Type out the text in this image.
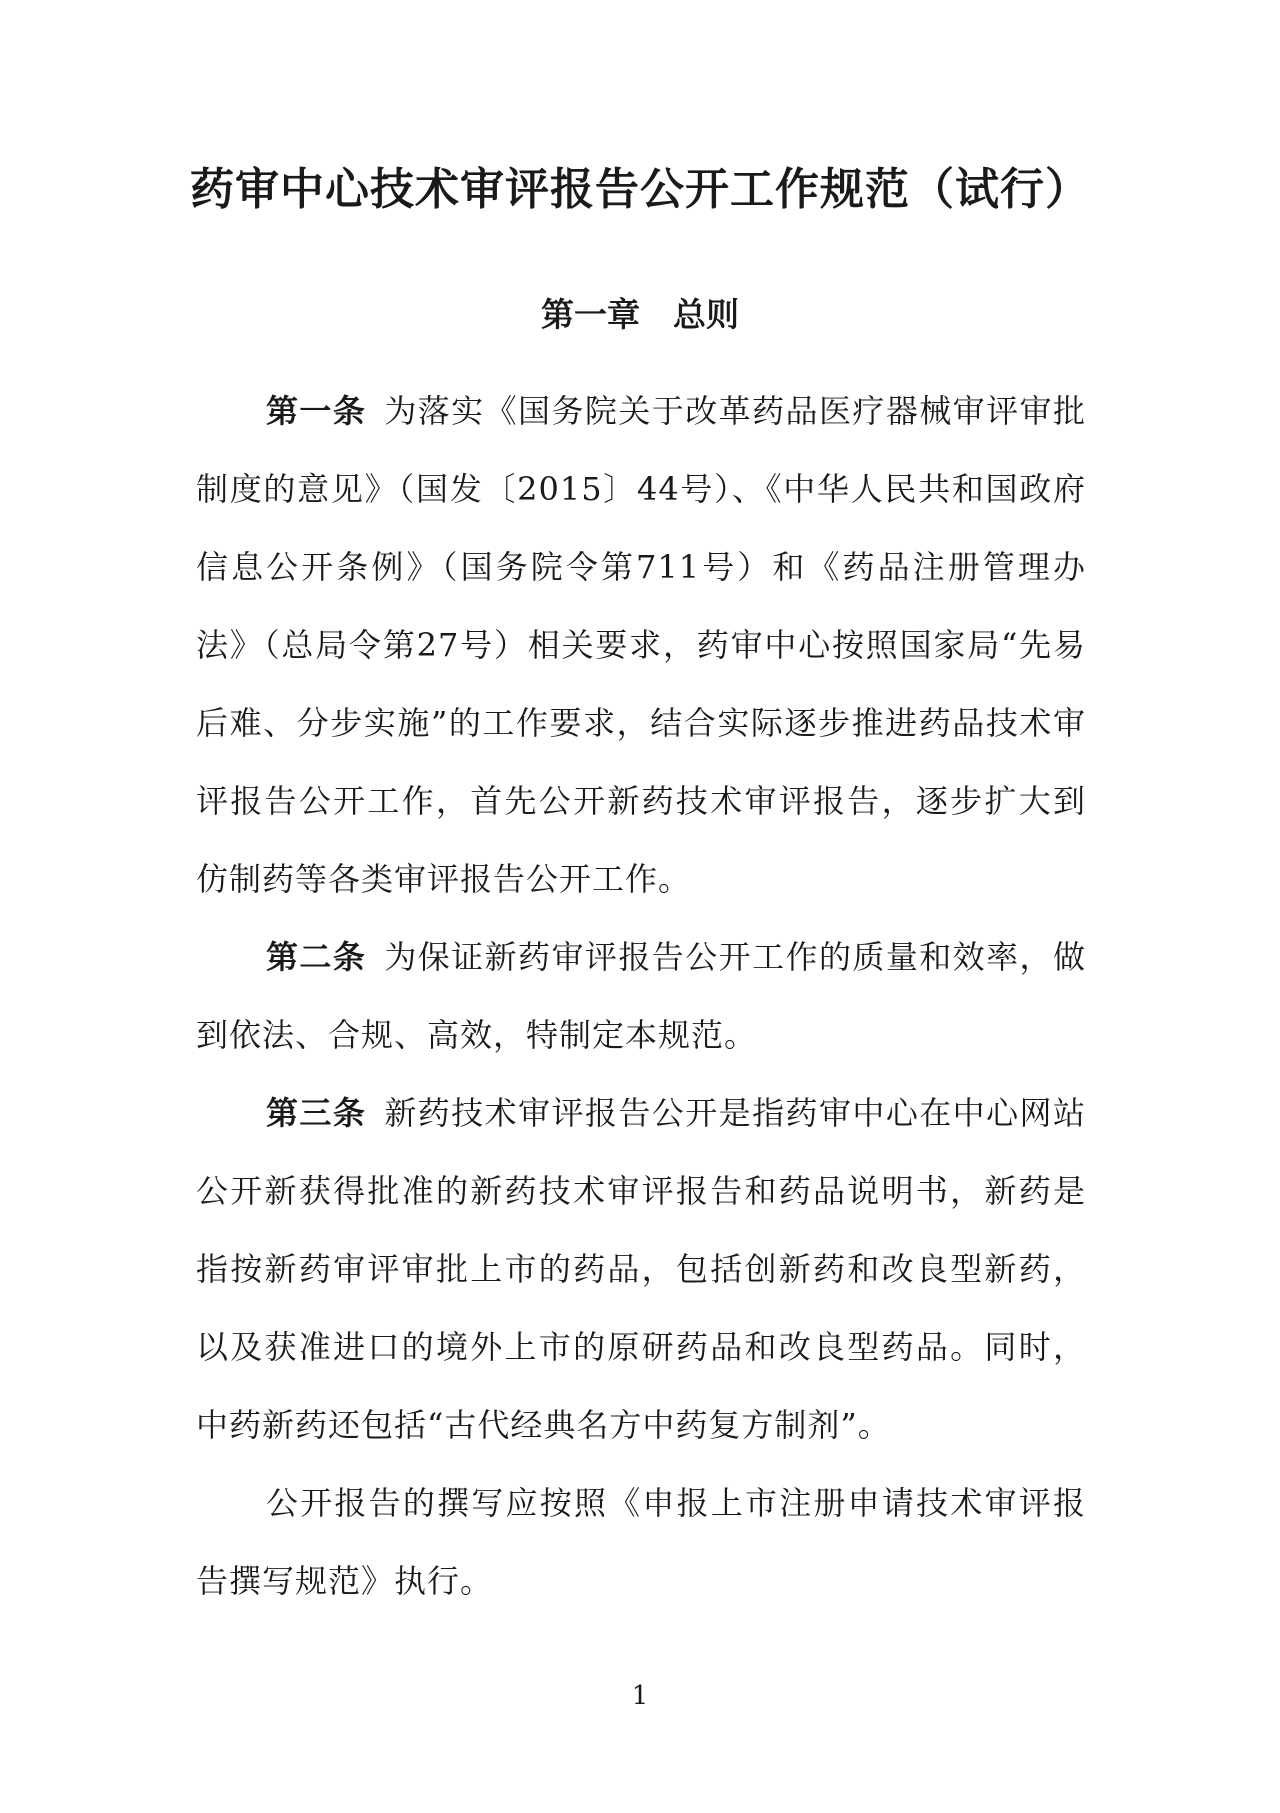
药审中心技术审评报告公开工作规范（试行）
第一章　总则

第一条 为落实《国务院关于改革药品医疗器械审评审批制度的意见》（国发〔2015〕44号）、《中华人民共和国政府信息公开条例》（国务院令第711号）和《药品注册管理办法》（总局令第27号）相关要求，药审中心按照国家局“先易后难、分步实施”的工作要求，结合实际逐步推进药品技术审评报告公开工作，首先公开新药技术审评报告，逐步扩大到仿制药等各类审评报告公开工作。

第二条 为保证新药审评报告公开工作的质量和效率，做到依法、合规、高效，特制定本规范。

第三条 新药技术审评报告公开是指药审中心在中心网站公开新获得批准的新药技术审评报告和药品说明书，新药是指按新药审评审批上市的药品，包括创新药和改良型新药，以及获准进口的境外上市的原研药品和改良型药品。同时，中药新药还包括“古代经典名方中药复方制剂”。

公开报告的撰写应按照《申报上市注册申请技术审评报告撰写规范》执行。

1
